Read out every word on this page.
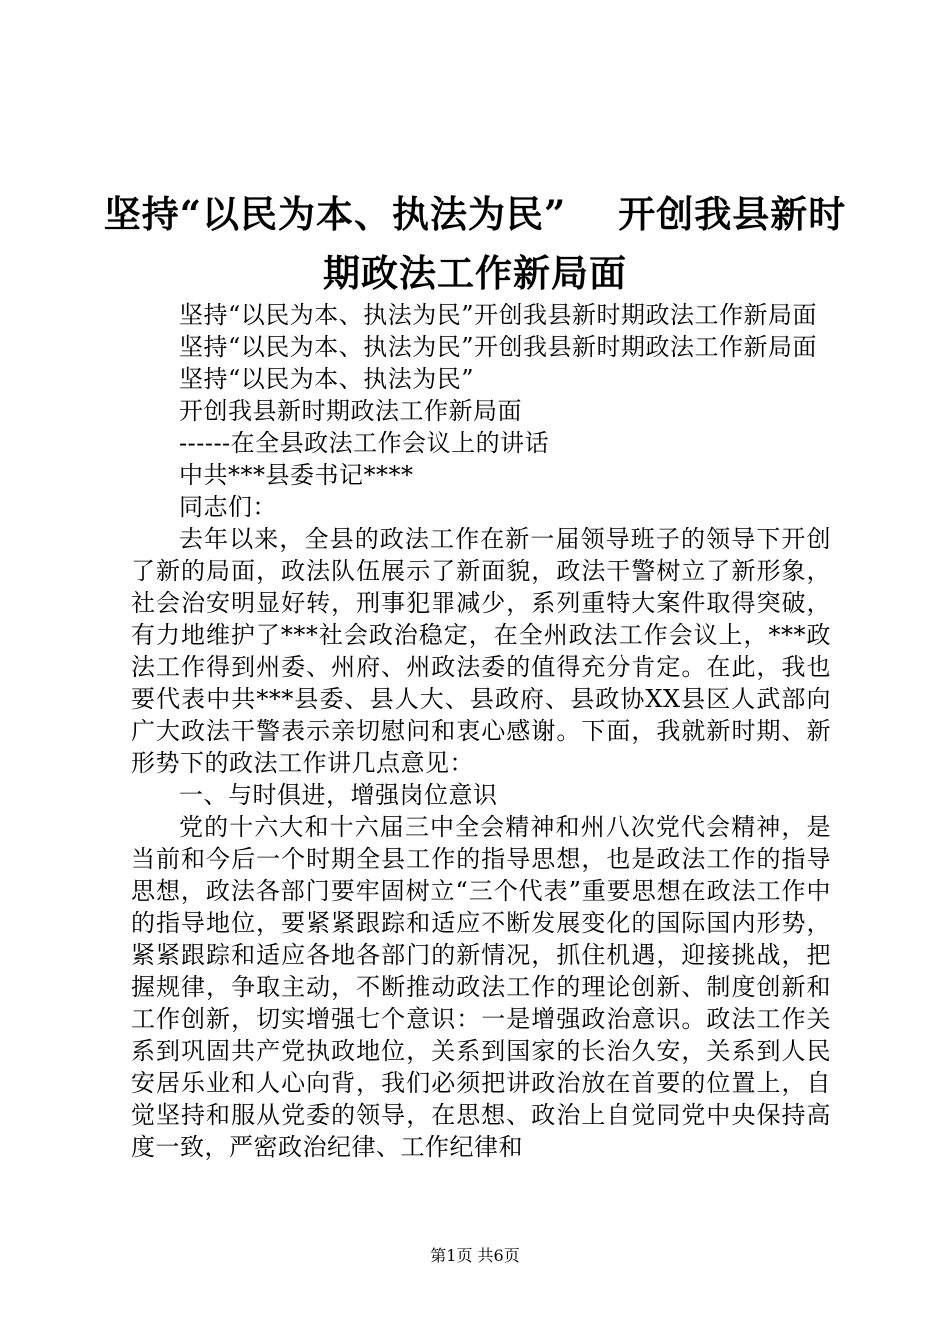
坚持“以民为本、执法为民”　 开创我县新时
期政法工作新局面

坚持“以民为本、执法为民”开创我县新时期政法工作新局面

坚持“以民为本、执法为民”开创我县新时期政法工作新局面

坚持“以民为本、执法为民”

开创我县新时期政法工作新局面

------在全县政法工作会议上的讲话

中共***县委书记****

同志们：

去年以来，全县的政法工作在新一届领导班子的领导下开创了新的局面，政法队伍展示了新面貌，政法干警树立了新形象，社会治安明显好转，刑事犯罪减少，系列重特大案件取得突破，有力地维护了***社会政治稳定，在全州政法工作会议上，***政法工作得到州委、州府、州政法委的值得充分肯定。在此，我也要代表中共***县委、县人大、县政府、县政协XX县区人武部向广大政法干警表示亲切慰问和衷心感谢。下面，我就新时期、新形势下的政法工作讲几点意见：

一、与时俱进，增强岗位意识

党的十六大和十六届三中全会精神和州八次党代会精神，是当前和今后一个时期全县工作的指导思想，也是政法工作的指导思想，政法各部门要牢固树立“三个代表”重要思想在政法工作中的指导地位，要紧紧跟踪和适应不断发展变化的国际国内形势，紧紧跟踪和适应各地各部门的新情况，抓住机遇，迎接挑战，把握规律，争取主动，不断推动政法工作的理论创新、制度创新和工作创新，切实增强七个意识：一是增强政治意识。政法工作关系到巩固共产党执政地位，关系到国家的长治久安，关系到人民安居乐业和人心向背，我们必须把讲政治放在首要的位置上，自觉坚持和服从党委的领导，在思想、政治上自觉同党中央保持高度一致，严密政治纪律、工作纪律和

第1页 共6页
